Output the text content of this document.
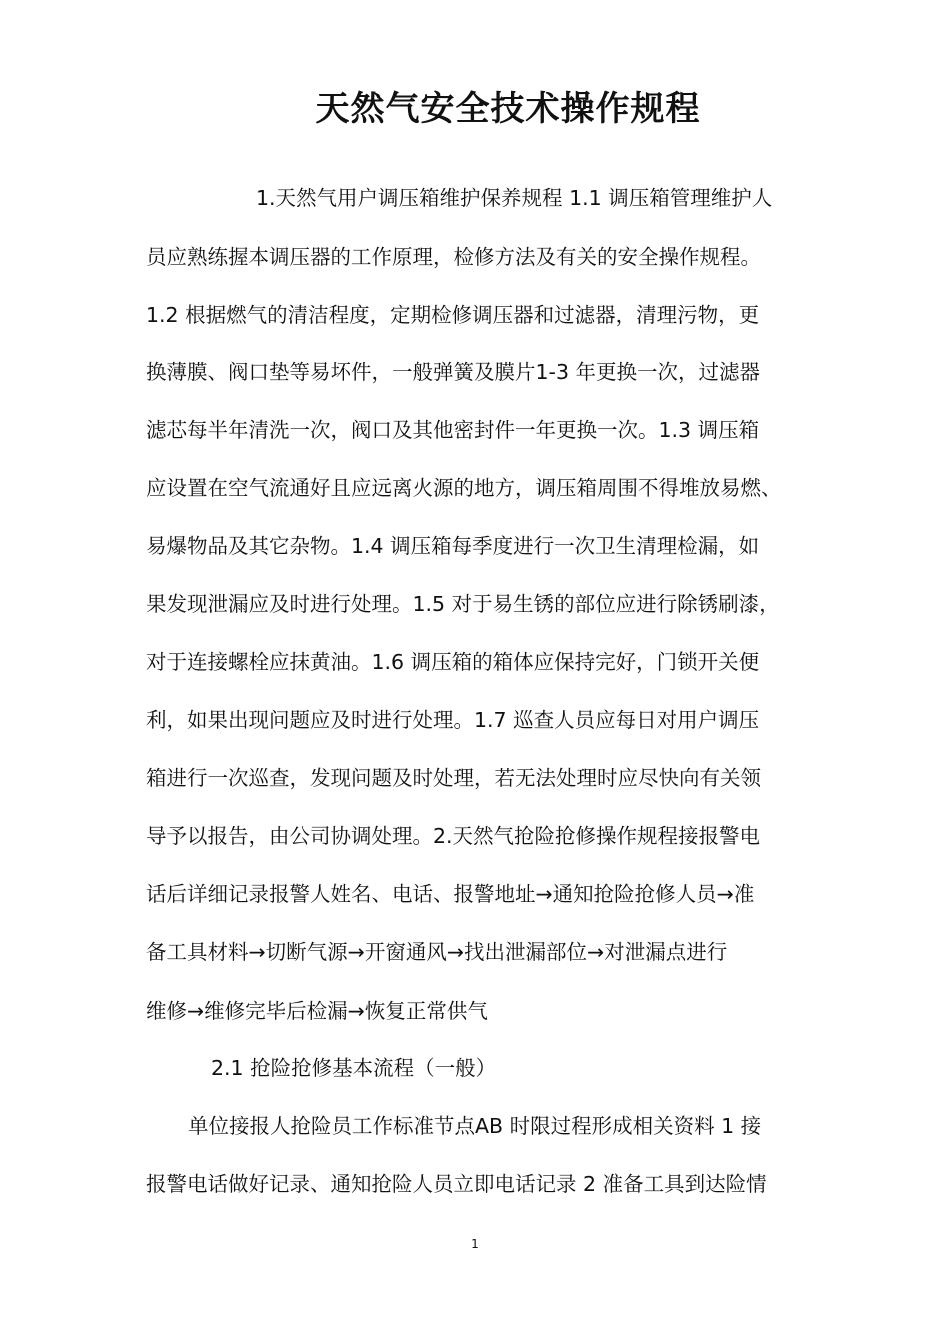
天然气安全技术操作规程

1.天然气用户调压箱维护保养规程 1.1 调压箱管理维护人

员应熟练握本调压器的工作原理，检修方法及有关的安全操作规程。

1.2 根据燃气的清洁程度，定期检修调压器和过滤器，清理污物，更

换薄膜、阀口垫等易坏件，一般弹簧及膜片1-3 年更换一次，过滤器

滤芯每半年清洗一次，阀口及其他密封件一年更换一次。1.3 调压箱

应设置在空气流通好且应远离火源的地方，调压箱周围不得堆放易燃、

易爆物品及其它杂物。1.4 调压箱每季度进行一次卫生清理检漏，如

果发现泄漏应及时进行处理。1.5 对于易生锈的部位应进行除锈刷漆，

对于连接螺栓应抹黄油。1.6 调压箱的箱体应保持完好，门锁开关便

利，如果出现问题应及时进行处理。1.7 巡查人员应每日对用户调压

箱进行一次巡查，发现问题及时处理，若无法处理时应尽快向有关领

导予以报告，由公司协调处理。2.天然气抢险抢修操作规程接报警电

话后详细记录报警人姓名、电话、报警地址→通知抢险抢修人员→准

备工具材料→切断气源→开窗通风→找出泄漏部位→对泄漏点进行

维修→维修完毕后检漏→恢复正常供气

2.1 抢险抢修基本流程（一般）

单位接报人抢险员工作标准节点AB 时限过程形成相关资料 1 接

报警电话做好记录、通知抢险人员立即电话记录 2 准备工具到达险情

1
